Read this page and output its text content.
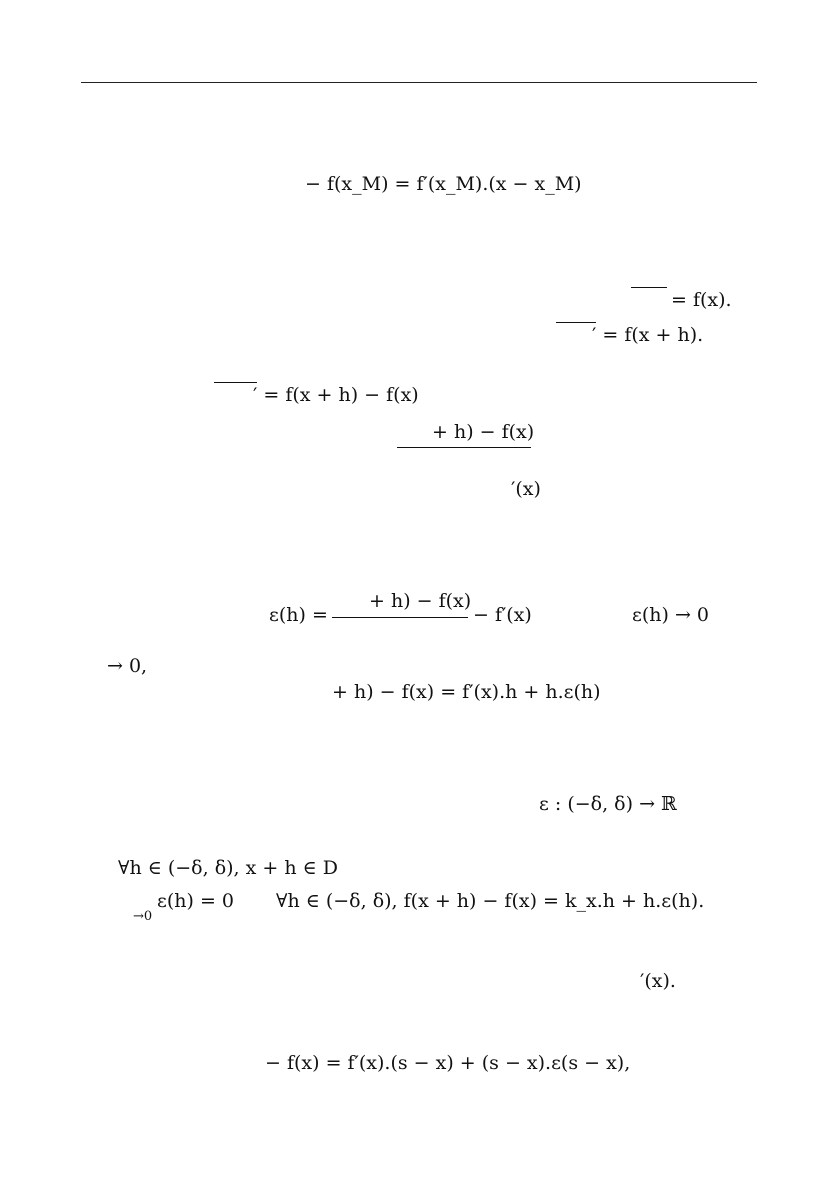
− f(x_M) = f′(x_M).(x − x_M)
= f(x).
′ = f(x + h).
′ = f(x + h) − f(x)
+ h) − f(x)
′(x)
ε(h) =
+ h) − f(x)
− f′(x)	ε(h) → 0
→ 0,
+ h) − f(x) = f′(x).h + h.ε(h)
ε : (−δ, δ) → ℝ
∀h ∈ (−δ, δ), x + h ∈ D
ε(h) = 0
→0
∀h ∈ (−δ, δ), f(x + h) − f(x) = k_x.h + h.ε(h).
′(x).
− f(x) = f′(x).(s − x) + (s − x).ε(s − x),
